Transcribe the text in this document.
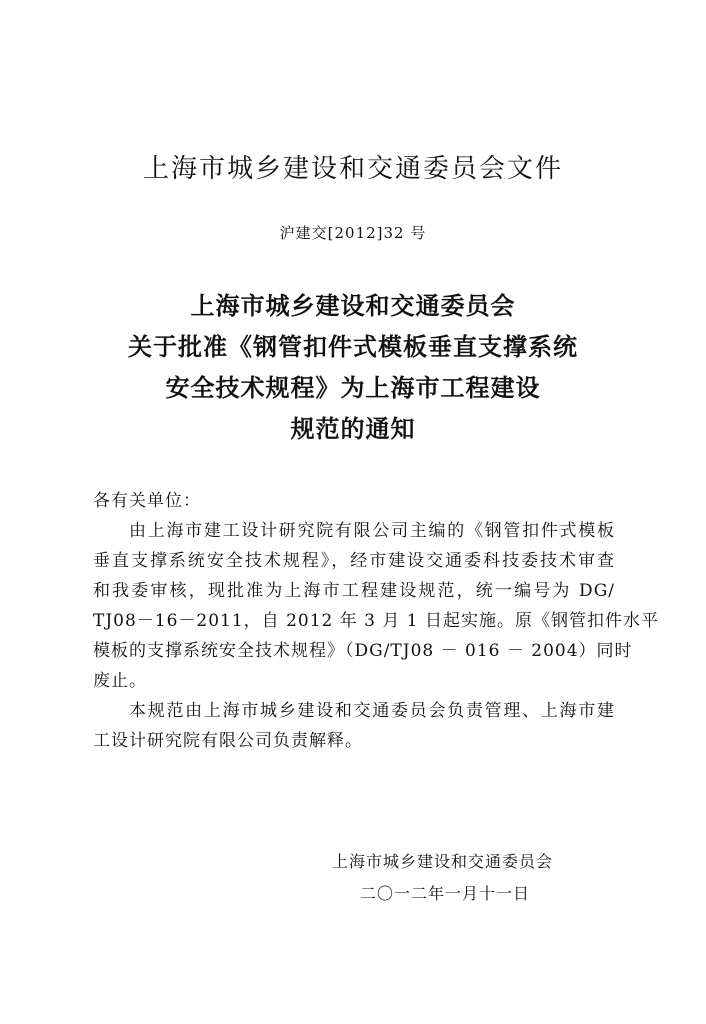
上海市城乡建设和交通委员会文件
沪建交[2012]32 号
上海市城乡建设和交通委员会
关于批准《钢管扣件式模板垂直支撑系统
安全技术规程》为上海市工程建设
规范的通知
各有关单位：
由上海市建工设计研究院有限公司主编的《钢管扣件式模板
垂直支撑系统安全技术规程》，经市建设交通委科技委技术审查
和我委审核，现批准为上海市工程建设规范，统一编号为 DG/
TJ08－16－2011，自 2012 年 3 月 1 日起实施。原《钢管扣件水平
模板的支撑系统安全技术规程》（DG/TJ08 － 016 － 2004）同时
废止。
本规范由上海市城乡建设和交通委员会负责管理、上海市建
工设计研究院有限公司负责解释。
上海市城乡建设和交通委员会
二〇一二年一月十一日
